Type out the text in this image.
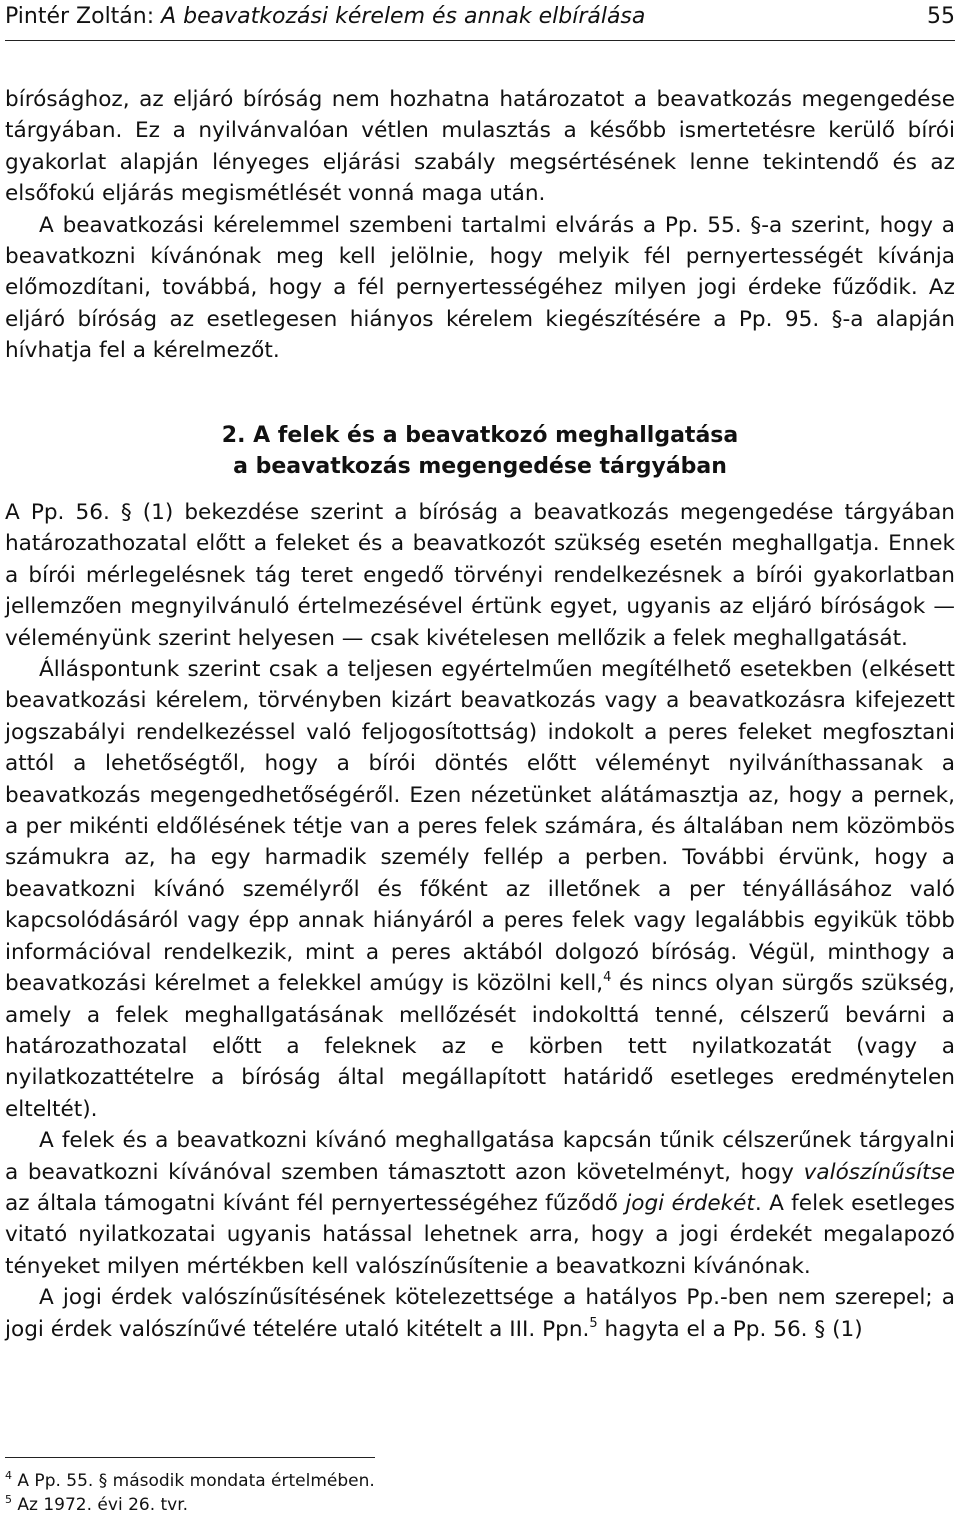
Pintér Zoltán: A beavatkozási kérelem és annak elbírálása	55

bírósághoz, az eljáró bíróság nem hozhatna határozatot a beavatkozás megengedése tárgyában. Ez a nyilvánvalóan vétlen mulasztás a később ismertetésre kerülő bírói gyakorlat alapján lényeges eljárási szabály megsértésének lenne tekintendő és az elsőfokú eljárás megismétlését vonná maga után.

A beavatkozási kérelemmel szembeni tartalmi elvárás a Pp. 55. §-a szerint, hogy a beavatkozni kívánónak meg kell jelölnie, hogy melyik fél pernyertességét kívánja előmozdítani, továbbá, hogy a fél pernyertességéhez milyen jogi érdeke fűződik. Az eljáró bíróság az esetlegesen hiányos kérelem kiegészítésére a Pp. 95. §-a alapján hívhatja fel a kérelmezőt.

2. A felek és a beavatkozó meghallgatása
a beavatkozás megengedése tárgyában

A Pp. 56. § (1) bekezdése szerint a bíróság a beavatkozás megengedése tárgyában határozathozatal előtt a feleket és a beavatkozót szükség esetén meghallgatja. Ennek a bírói mérlegelésnek tág teret engedő törvényi rendelkezésnek a bírói gyakorlatban jellemzően megnyilvánuló értelmezésével értünk egyet, ugyanis az eljáró bíróságok — véleményünk szerint helyesen — csak kivételesen mellőzik a felek meghallgatását.

Álláspontunk szerint csak a teljesen egyértelműen megítélhető esetekben (elkésett beavatkozási kérelem, törvényben kizárt beavatkozás vagy a beavatkozásra kifejezett jogszabályi rendelkezéssel való feljogosítottság) indokolt a peres feleket megfosztani attól a lehetőségtől, hogy a bírói döntés előtt véleményt nyilváníthassanak a beavatkozás megengedhetőségéről. Ezen nézetünket alátámasztja az, hogy a pernek, a per mikénti eldőlésének tétje van a peres felek számára, és általában nem közömbös számukra az, ha egy harmadik személy fellép a perben. További érvünk, hogy a beavatkozni kívánó személyről és főként az illetőnek a per tényállásához való kapcsolódásáról vagy épp annak hiányáról a peres felek vagy legalábbis egyikük több információval rendelkezik, mint a peres aktából dolgozó bíróság. Végül, minthogy a beavatkozási kérelmet a felekkel amúgy is közölni kell,$^4$ és nincs olyan sürgős szükség, amely a felek meghallgatásának mellőzését indokolttá tenné, célszerű bevárni a határozathozatal előtt a feleknek az e körben tett nyilatkozatát (vagy a nyilatkozattételre a bíróság által megállapított határidő esetleges eredménytelen elteltét).

A felek és a beavatkozni kívánó meghallgatása kapcsán tűnik célszerűnek tárgyalni a beavatkozni kívánóval szemben támasztott azon követelményt, hogy valószínűsítse az általa támogatni kívánt fél pernyertességéhez fűződő jogi érdekét. A felek esetleges vitató nyilatkozatai ugyanis hatással lehetnek arra, hogy a jogi érdekét megalapozó tényeket milyen mértékben kell valószínűsítenie a beavatkozni kívánónak.

A jogi érdek valószínűsítésének kötelezettsége a hatályos Pp.-ben nem szerepel; a jogi érdek valószínűvé tételére utaló kitételt a III. Ppn.$^5$ hagyta el a Pp. 56. § (1)

$^4$ A Pp. 55. § második mondata értelmében.
$^5$ Az 1972. évi 26. tvr.
